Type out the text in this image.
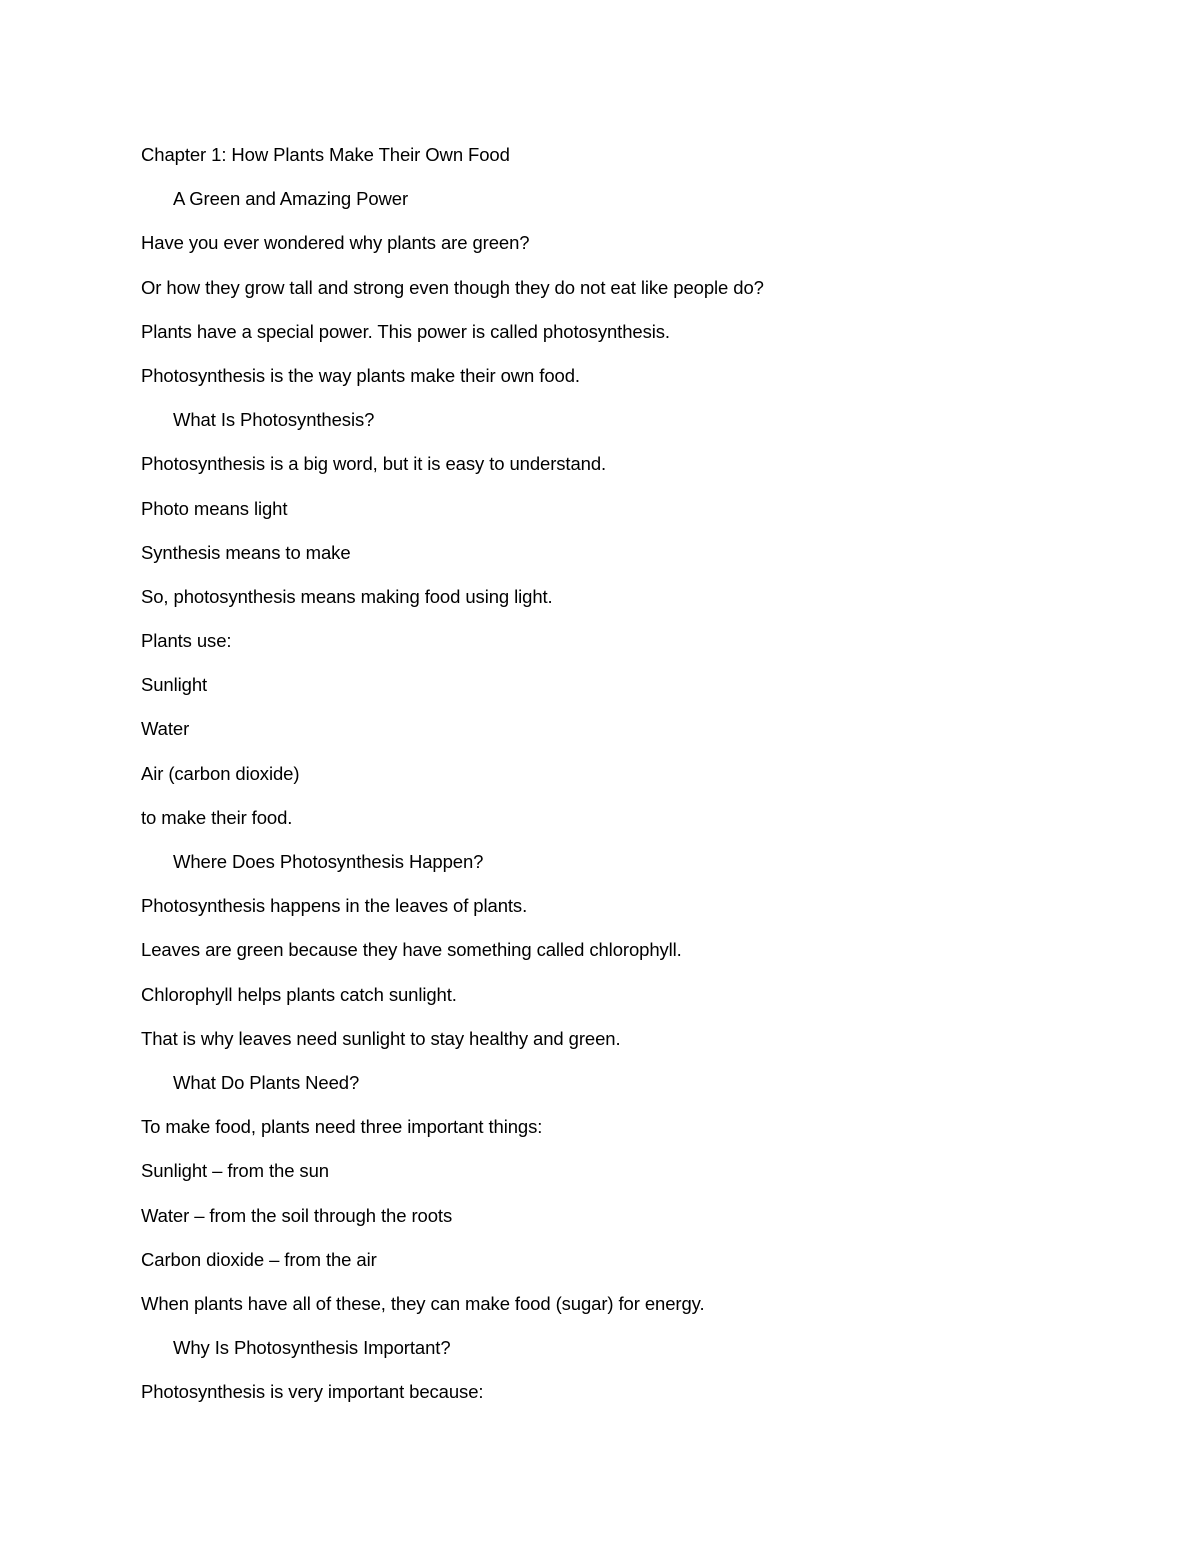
Chapter 1: How Plants Make Their Own Food
A Green and Amazing Power
Have you ever wondered why plants are green?
Or how they grow tall and strong even though they do not eat like people do?
Plants have a special power. This power is called photosynthesis.
Photosynthesis is the way plants make their own food.
What Is Photosynthesis?
Photosynthesis is a big word, but it is easy to understand.
Photo means light
Synthesis means to make
So, photosynthesis means making food using light.
Plants use:
Sunlight
Water
Air (carbon dioxide)
to make their food.
Where Does Photosynthesis Happen?
Photosynthesis happens in the leaves of plants.
Leaves are green because they have something called chlorophyll.
Chlorophyll helps plants catch sunlight.
That is why leaves need sunlight to stay healthy and green.
What Do Plants Need?
To make food, plants need three important things:
Sunlight – from the sun
Water – from the soil through the roots
Carbon dioxide – from the air
When plants have all of these, they can make food (sugar) for energy.
Why Is Photosynthesis Important?
Photosynthesis is very important because:
